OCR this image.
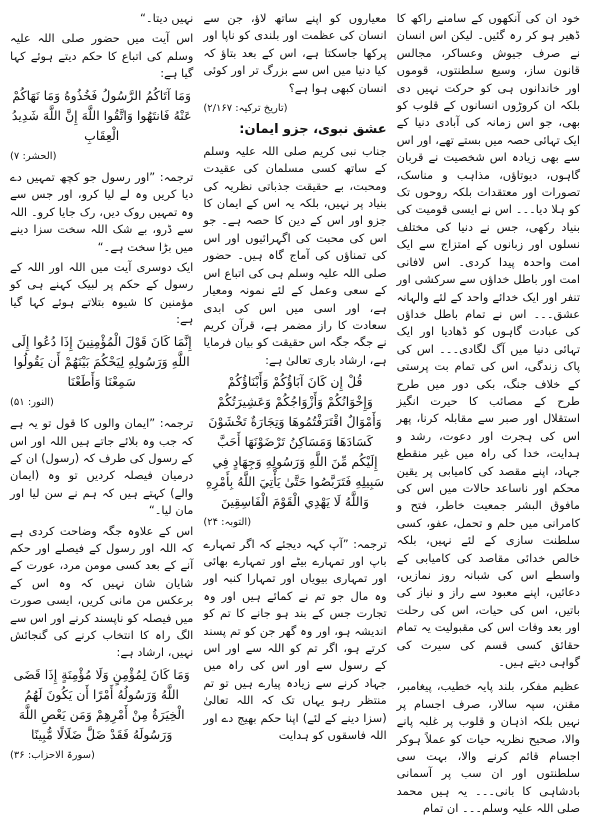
خود ان کی آنکھوں کے سامنے راکھ کا ڈھیر ہو کر رہ گئیں۔ لیکن اس انسان نے صرف جیوش وعساکر، مجالس قانون ساز، وسیع سلطنتوں، قوموں اور خاندانوں ہی کو حرکت نہیں دی بلکہ ان کروڑوں انسانوں کے قلوب کو بھی، جو اس زمانہ کی آبادی دنیا کے ایک تہائی حصہ میں بستے تھے، اور اس سے بھی زیادہ اس شخصیت نے قربان گاہوں، دیوتاؤں، مذاہب و مناسک، تصورات اور معتقدات بلکہ روحوں تک کو ہلا دیا۔۔۔ اس نے ایسی قومیت کی بنیاد رکھی، جس نے دنیا کی مختلف نسلوں اور زبانوں کے امتزاج سے ایک امت واحدہ پیدا کردی۔ اس لافانی امت اور باطل خداؤں سے سرکشی اور تنفر اور ایک خدائے واحد کے لئے والہانہ عشق۔۔۔ اس نے تمام باطل خداؤں کی عبادت گاہوں کو ڈھادیا اور ایک تہائی دنیا میں آگ لگادی۔۔۔ اس کی پاک زندگی، اس کی تمام بت پرستی کے خلاف جنگ، بکی دور میں طرح طرح کے مصائب کا حیرت انگیز استقلال اور صبر سے مقابلہ کرنا، پھر اس کی ہجرت اور دعوت، رشد و ہدایت، خدا کی راہ میں غیر منقطع جہاد، اپنے مقصد کی کامیابی پر یقین محکم اور ناساعد حالات میں اس کی مافوق البشر جمعیت خاطر، فتح و کامرانی میں حلم و تحمل، عفو، کسی سلطنت سازی کے لئے نہیں، بلکہ خالص خدائی مقاصد کی کامیابی کے واسطے اس کی شبانہ روز نمازیں، دعائیں، اپنے معبود سے راز و نیاز کی باتیں، اس کی حیات، اس کی رحلت اور بعد وفات اس کی مقبولیت یہ تمام حقائق کسی قسم کی سیرت کی گواہی دیتے ہیں۔

عظیم مفکر، بلند پایہ خطیب، پیغامبر، مقنن، سپہ سالار، صرف اجسام پر نہیں بلکہ اذہان و قلوب پر غلبہ پانے والا، صحیح نظریہ حیات کو عملاً ہوکر اجسام قائم کرنے والا، بہت سی سلطنتوں اور ان سب پر آسمانی بادشاہی کا بانی۔۔۔ یہ ہیں محمد صلی اللہ علیہ وسلم۔۔۔ ان تمام

معیاروں کو اپنے ساتھ لاؤ، جن سے انسان کی عظمت اور بلندی کو ناپا اور پرکھا جاسکتا ہے، اس کے بعد بتاؤ کہ کیا دنیا میں اس سے بزرگ تر اور کوئی انسان کبھی ہوا ہے؟

(تاریخ ترکیہ: ۲/۱۶۷)
عشق نبوی، جزو ایمان:

جناب نبی کریم صلی اللہ علیہ وسلم کے ساتھ کسی مسلمان کی عقیدت ومحبت، بے حقیقت جذباتی نظریہ کی بنیاد پر نہیں، بلکہ یہ اس کے ایمان کا جزو اور اس کے دین کا حصہ ہے۔ جو اس کی محبت کی اگہرائیوں اور اس کی تمناؤں کی آماج گاہ ہیں۔ حضور صلی اللہ علیہ وسلم ہی کی اتباع اس کے سعی وعمل کے لئے نمونہ ومعیار ہے، اور اسی میں اس کی ابدی سعادت کا راز مضمر ہے، قرآن کریم نے جگہ جگہ اس حقیقت کو بیان فرمایا ہے، ارشاد باری تعالیٰ ہے:

قُلْ إِن كَانَ آبَاؤُكُمْ وَأَبْنَاؤُكُمْ وَإِخْوَانُكُمْ وَأَزْوَاجُكُمْ وَعَشِيرَتُكُمْ وَأَمْوَالٌ اقْتَرَفْتُمُوهَا وَتِجَارَةٌ تَخْشَوْنَ كَسَادَهَا وَمَسَاكِنُ تَرْضَوْنَهَا أَحَبَّ إِلَيْكُم مِّنَ اللَّهِ وَرَسُولِهِ وَجِهَادٍ فِي سَبِيلِهِ فَتَرَبَّصُوا حَتَّىٰ يَأْتِيَ اللَّهُ بِأَمْرِهِ وَاللَّهُ لَا يَهْدِي الْقَوْمَ الْفَاسِقِينَ
(التوبہ: ۲۴)

ترجمہ: ”آپ کہہ دیجئے کہ اگر تمہارے باپ اور تمہارے بیٹے اور تمہارے بھائی اور تمہاری بیویاں اور تمہارا کنبہ اور وہ مال جو تم نے کمائے ہیں اور وہ تجارت جس کے بند ہو جانے کا تم کو اندیشہ ہو، اور وہ گھر جن کو تم پسند کرتے ہو، اگر تم کو اللہ سے اور اس کے رسول سے اور اس کی راہ میں جہاد کرنے سے زیادہ پیارے ہیں تو تم منتظر رہو یہاں تک کہ اللہ تعالیٰ (سزا دینے کے لئے) اپنا حکم بھیج دے اور اللہ فاسقوں کو ہدایت

نہیں دیتا۔“

اس آیت میں حضور صلی اللہ علیہ وسلم کی اتباع کا حکم دیتے ہوئے کہا گیا ہے:

وَمَا آتَاكُمُ الرَّسُولُ فَخُذُوهُ وَمَا نَهَاكُمْ عَنْهُ فَانتَهُوا وَاتَّقُوا اللَّهَ إِنَّ اللَّهَ شَدِيدُ الْعِقَابِ
(الحشر: ۷)

ترجمہ: ”اور رسول جو کچھ تمہیں دے دیا کریں وہ لے لیا کرو، اور جس سے وہ تمہیں روک دیں، رک جایا کرو۔ اللہ سے ڈرو، بے شک اللہ سخت سزا دینے میں بڑا سخت ہے۔“

ایک دوسری آیت میں اللہ اور اللہ کے رسول کے حکم پر لبیک کہنے ہی کو مؤمنین کا شیوہ بتلاتے ہوئے کہا گیا ہے:

إِنَّمَا كَانَ قَوْلَ الْمُؤْمِنِينَ إِذَا دُعُوا إِلَى اللَّهِ وَرَسُولِهِ لِيَحْكُمَ بَيْنَهُمْ أَن يَقُولُوا سَمِعْنَا وَأَطَعْنَا
(النور: ۵۱)

ترجمہ: ”ایمان والوں کا قول تو یہ ہے کہ جب وہ بلائے جاتے ہیں اللہ اور اس کے رسول کی طرف کہ (رسول) ان کے درمیان فیصلہ کردیں تو وہ (ایمان والے) کہتے ہیں کہ ہم نے سن لیا اور مان لیا۔“

اس کے علاوہ جگہ وضاحت کردی ہے کہ اللہ اور رسول کے فیصلے اور حکم آنے کے بعد کسی مومن مرد، عورت کے شایان شان نہیں کہ وہ اس کے برعکس من مانی کریں، ایسی صورت میں فیصلہ کو ناپسند کرنے اور اس سے الگ راہ کا انتخاب کرنے کی گنجائش نہیں، ارشاد ہے:

وَمَا كَانَ لِمُؤْمِنٍ وَلَا مُؤْمِنَةٍ إِذَا قَضَى اللَّهُ وَرَسُولُهُ أَمْرًا أَن يَكُونَ لَهُمُ الْخِيَرَةُ مِنْ أَمْرِهِمْ وَمَن يَعْصِ اللَّهَ وَرَسُولَهُ فَقَدْ ضَلَّ ضَلَالًا مُّبِينًا
(سورۃ الاحزاب: ۳۶)
